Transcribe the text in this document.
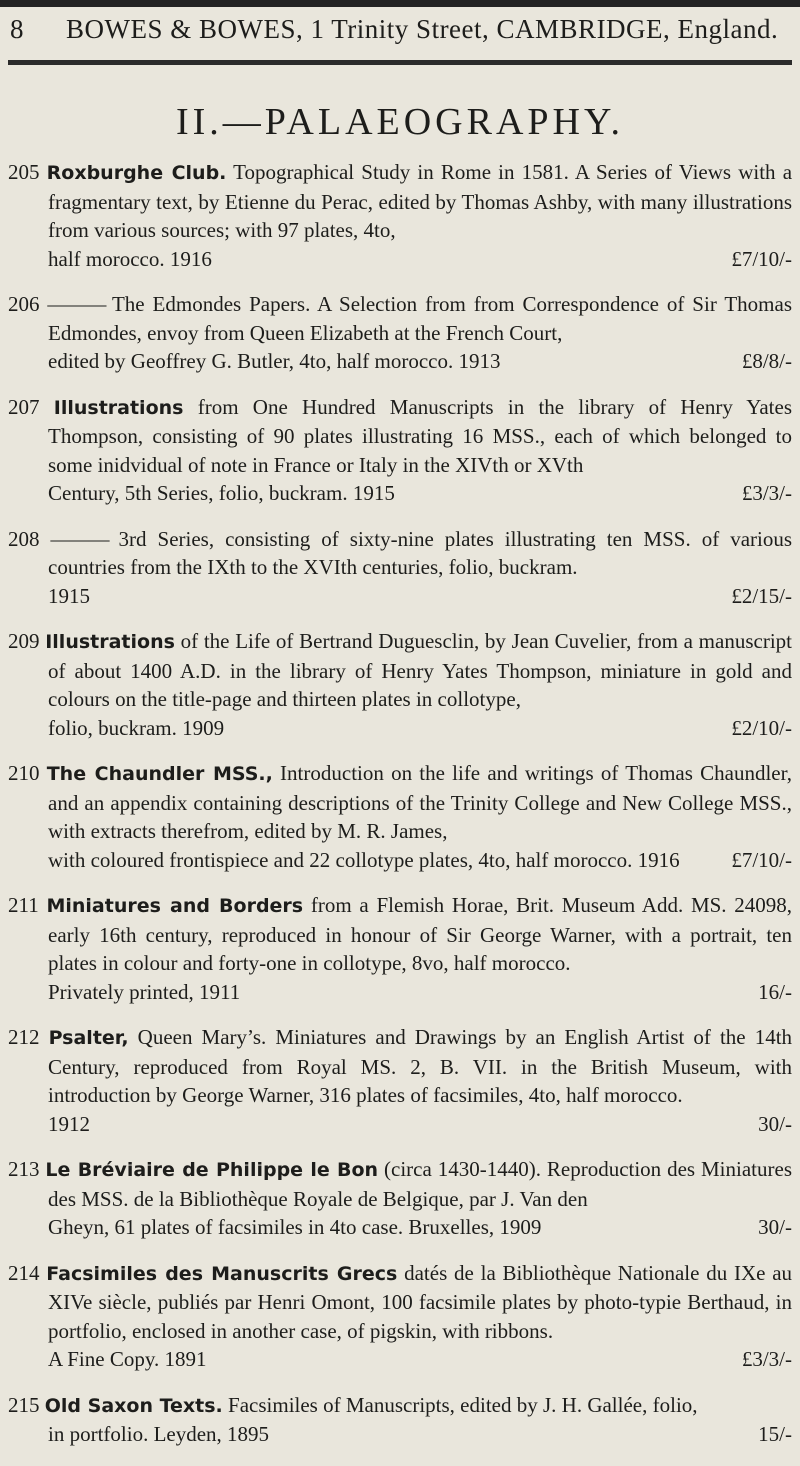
8	BOWES & BOWES, 1 Trinity Street, CAMBRIDGE, England.
II.—PALAEOGRAPHY.
205 Roxburghe Club. Topographical Study in Rome in 1581. A Series of Views with a fragmentary text, by Etienne du Perac, edited by Thomas Ashby, with many illustrations from various sources; with 97 plates, 4to,
£7/10/-
half morocco. 1916
206 ——— The Edmondes Papers. A Selection from from Correspondence of Sir Thomas Edmondes, envoy from Queen Elizabeth at the French Court,
£8/8/-
edited by Geoffrey G. Butler, 4to, half morocco. 1913
207 Illustrations from One Hundred Manuscripts in the library of Henry Yates Thompson, consisting of 90 plates illustrating 16 MSS., each of which belonged to some inidvidual of note in France or Italy in the XIVth or XVth
£3/3/-
Century, 5th Series, folio, buckram. 1915
208 ——— 3rd Series, consisting of sixty-nine plates illustrating ten MSS. of various countries from the IXth to the XVIth centuries, folio, buckram.
£2/15/-
1915
209 Illustrations of the Life of Bertrand Duguesclin, by Jean Cuvelier, from a manuscript of about 1400 A.D. in the library of Henry Yates Thompson, miniature in gold and colours on the title-page and thirteen plates in collotype,
£2/10/-
folio, buckram. 1909
210 The Chaundler MSS., Introduction on the life and writings of Thomas Chaundler, and an appendix containing descriptions of the Trinity College and New College MSS., with extracts therefrom, edited by M. R. James,
£7/10/-
with coloured frontispiece and 22 collotype plates, 4to, half morocco. 1916
211 Miniatures and Borders from a Flemish Horae, Brit. Museum Add. MS. 24098, early 16th century, reproduced in honour of Sir George Warner, with a portrait, ten plates in colour and forty-one in collotype, 8vo, half morocco.
16/-
Privately printed, 1911
212 Psalter, Queen Mary’s. Miniatures and Drawings by an English Artist of the 14th Century, reproduced from Royal MS. 2, B. VII. in the British Museum, with introduction by George Warner, 316 plates of facsimiles, 4to, half morocco.
30/-
1912
213 Le Bréviaire de Philippe le Bon (circa 1430-1440). Reproduction des Miniatures des MSS. de la Bibliothèque Royale de Belgique, par J. Van den
30/-
Gheyn, 61 plates of facsimiles in 4to case. Bruxelles, 1909
214 Facsimiles des Manuscrits Grecs datés de la Bibliothèque Nationale du IXe au XIVe siècle, publiés par Henri Omont, 100 facsimile plates by photo-typie Berthaud, in portfolio, enclosed in another case, of pigskin, with ribbons.
£3/3/-
A Fine Copy. 1891
215 Old Saxon Texts. Facsimiles of Manuscripts, edited by J. H. Gallée, folio,
15/-
in portfolio. Leyden, 1895
